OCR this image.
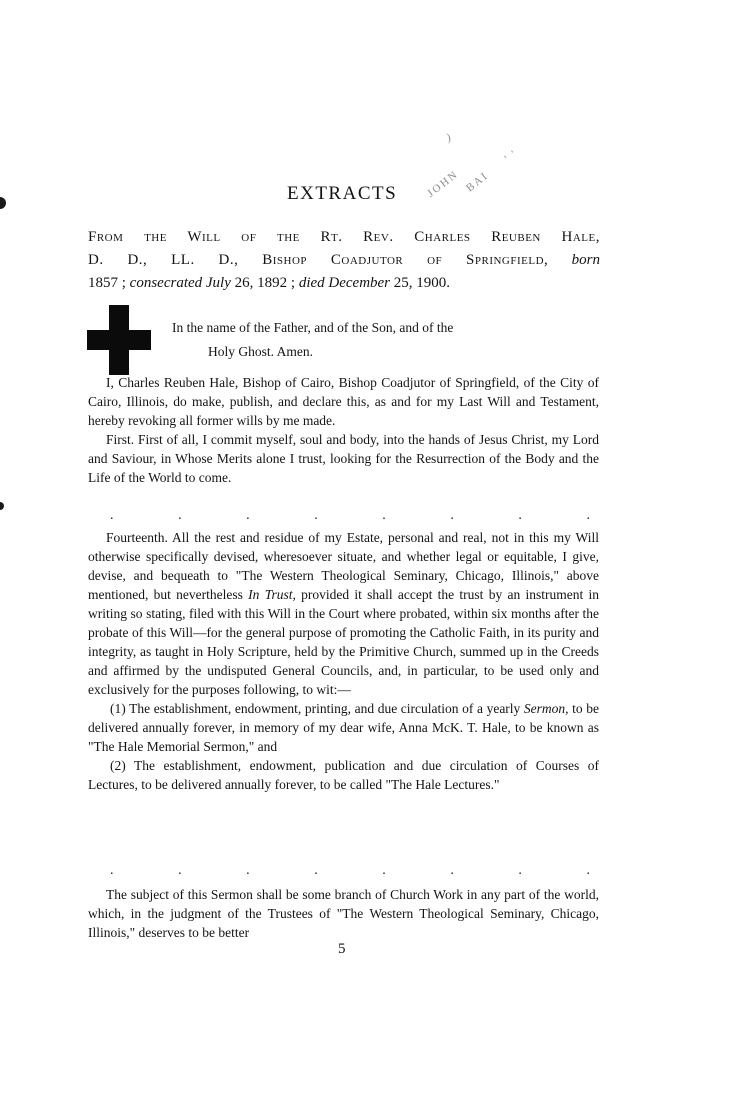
EXTRACTS
)
JOHN BAI
' '
From the Will of the Rt. Rev. Charles Reuben Hale,
D. D., LL. D., Bishop Coadjutor of Springfield, born
1857 ; consecrated July 26, 1892 ; died December 25, 1900.
In the name of the Father, and of the Son, and of the
Holy Ghost. Amen.

I, Charles Reuben Hale, Bishop of Cairo, Bishop Coadjutor of Springfield, of the City of Cairo, Illinois, do make, publish, and declare this, as and for my Last Will and Testament, hereby revoking all former wills by me made.

First. First of all, I commit myself, soul and body, into the hands of Jesus Christ, my Lord and Saviour, in Whose Merits alone I trust, looking for the Resurrection of the Body and the Life of the World to come.

.	.	.	.	.	.	.	.

Fourteenth. All the rest and residue of my Estate, personal and real, not in this my Will otherwise specifically devised, wheresoever situate, and whether legal or equitable, I give, devise, and bequeath to "The Western Theological Seminary, Chicago, Illinois," above mentioned, but nevertheless In Trust, provided it shall accept the trust by an instrument in writing so stating, filed with this Will in the Court where probated, within six months after the probate of this Will—for the general purpose of promoting the Catholic Faith, in its purity and integrity, as taught in Holy Scripture, held by the Primitive Church, summed up in the Creeds and affirmed by the undisputed General Councils, and, in particular, to be used only and exclusively for the purposes following, to wit:—

(1) The establishment, endowment, printing, and due circulation of a yearly Sermon, to be delivered annually forever, in memory of my dear wife, Anna McK. T. Hale, to be known as "The Hale Memorial Sermon," and

(2) The establishment, endowment, publication and due circulation of Courses of Lectures, to be delivered annually forever, to be called "The Hale Lectures."

.	.	.	.	.	.	.	.

The subject of this Sermon shall be some branch of Church Work in any part of the world, which, in the judgment of the Trustees of "The Western Theological Seminary, Chicago, Illinois," deserves to be better

5
